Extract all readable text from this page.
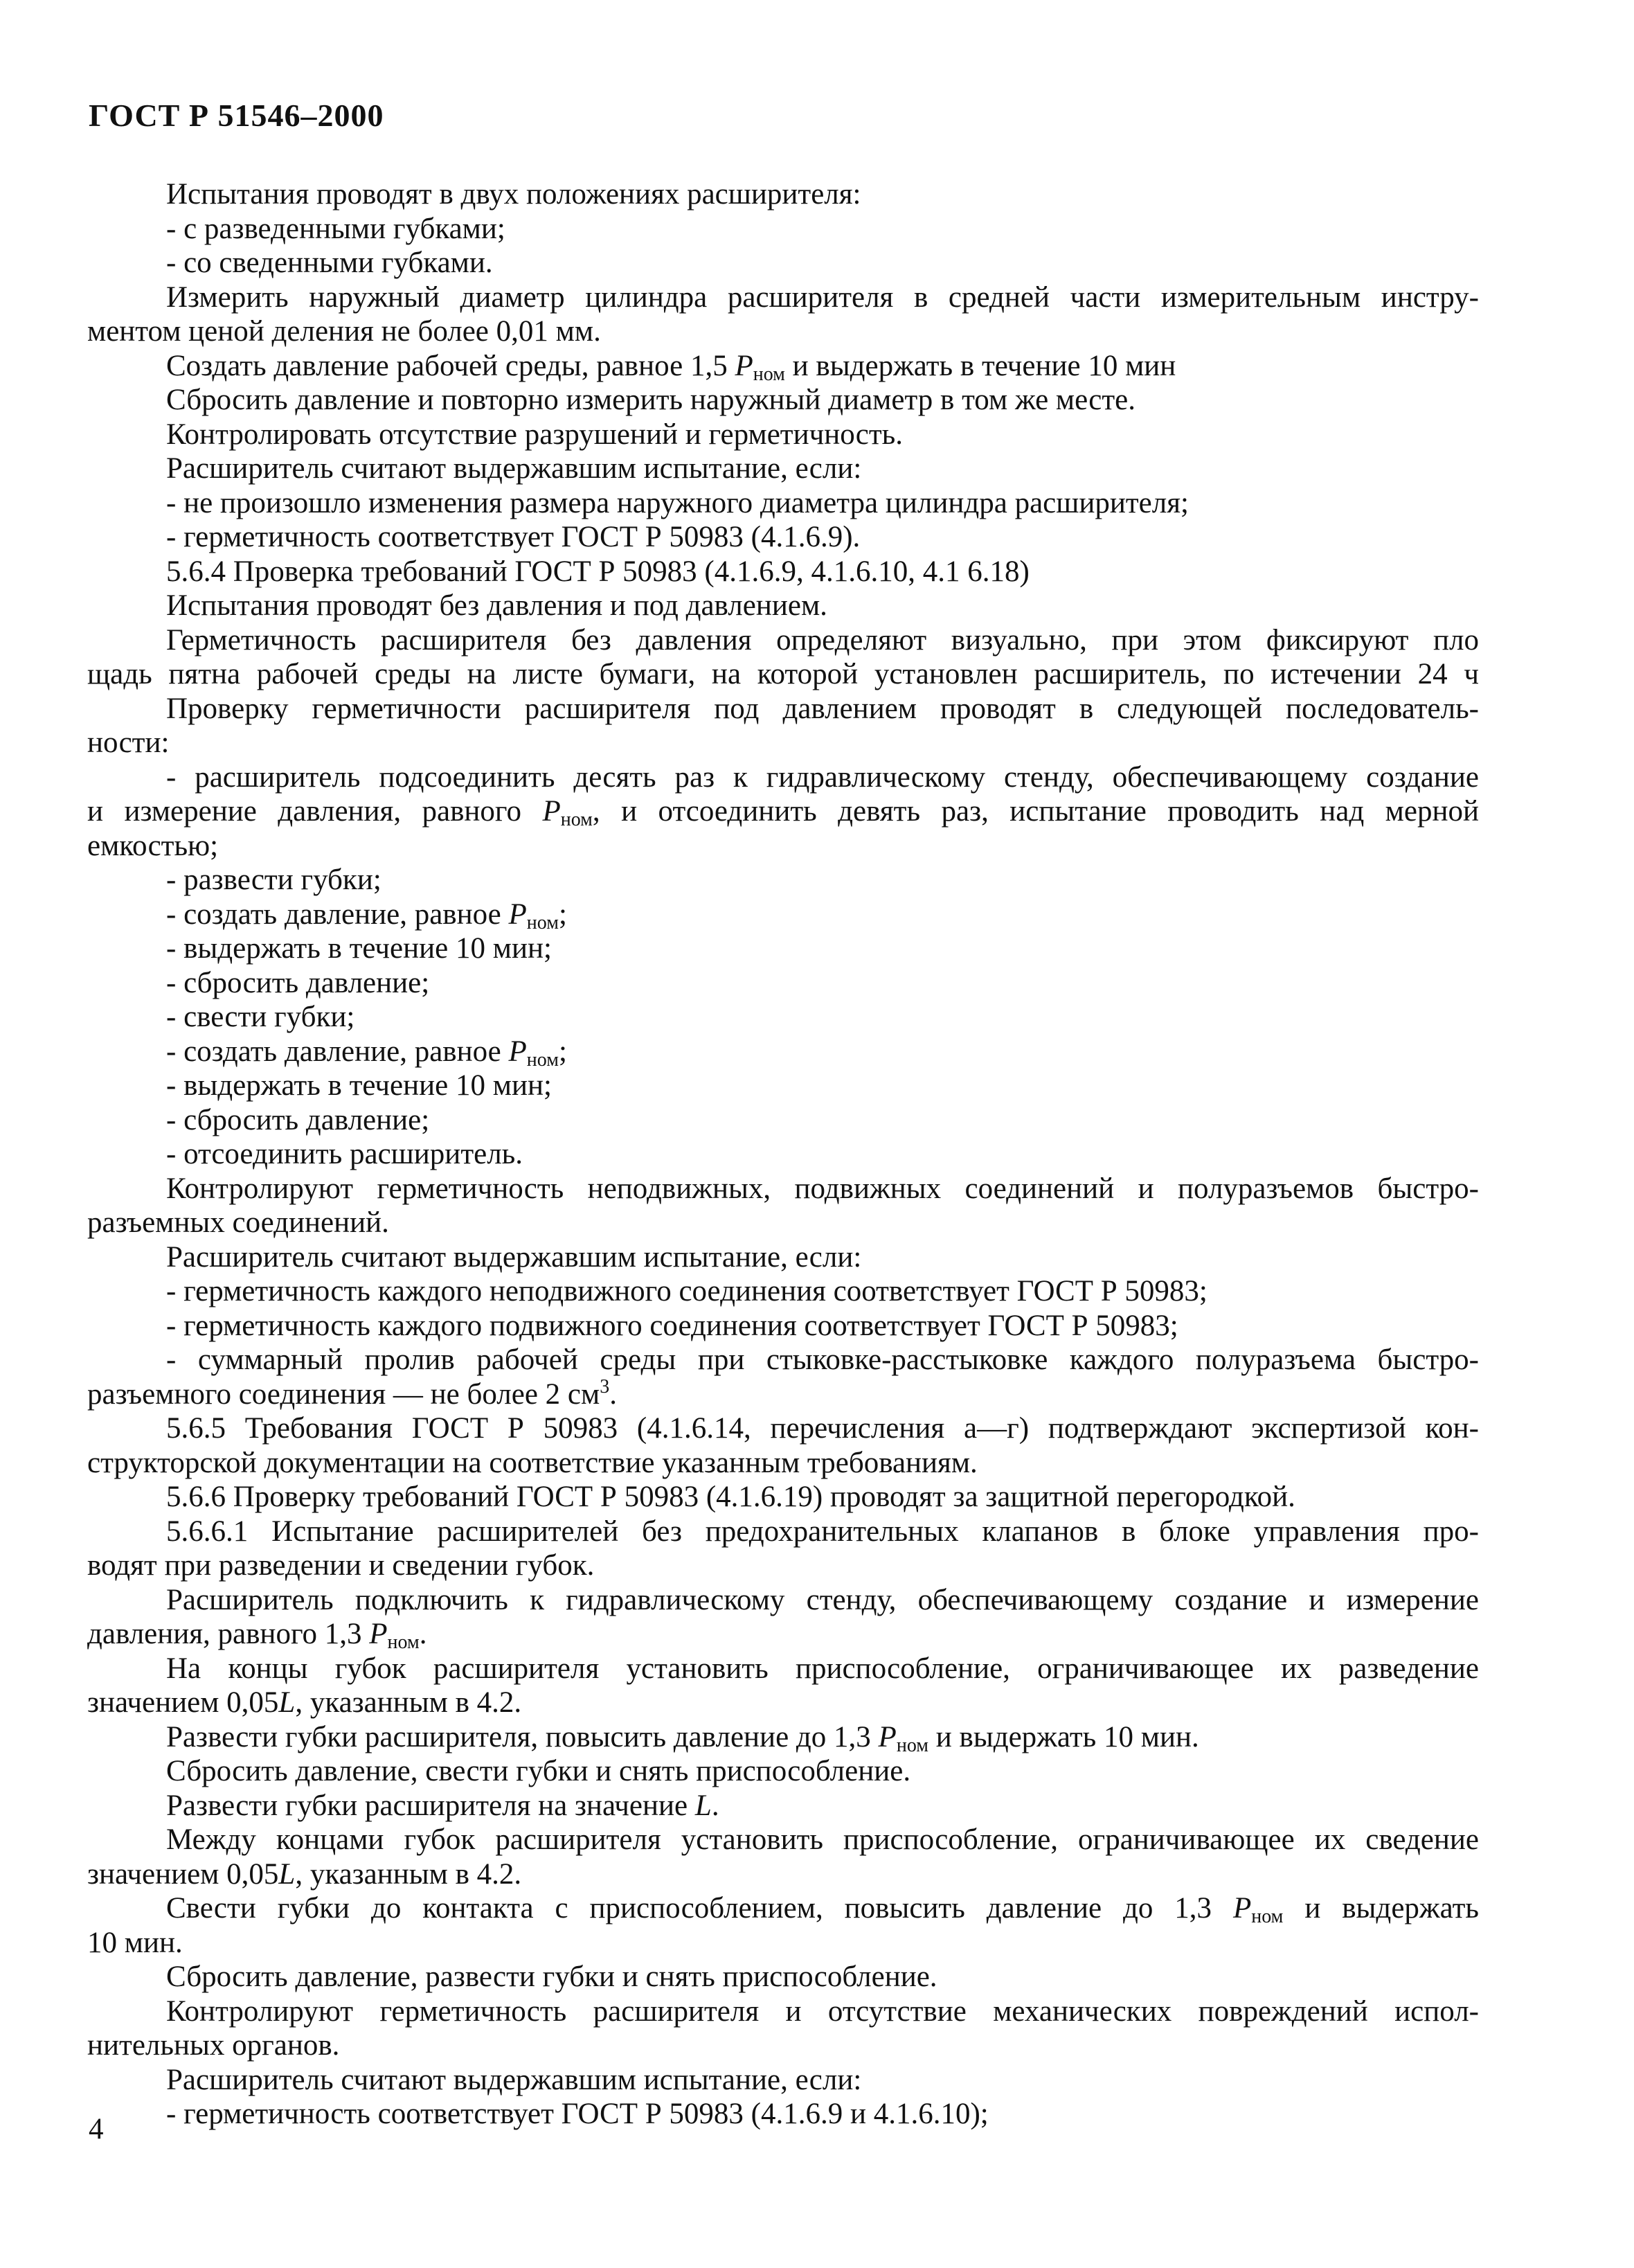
ГОСТ Р 51546–2000
Испытания проводят в двух положениях расширителя:
- с разведенными губками;
- со сведенными губками.
Измерить наружный диаметр цилиндра расширителя в средней части измерительным инстру-
ментом ценой деления не более 0,01 мм.
Создать давление рабочей среды, равное 1,5 $P_{ном}$ и выдержать в течение 10 мин
Сбросить давление и повторно измерить наружный диаметр в том же месте.
Контролировать отсутствие разрушений и герметичность.
Расширитель считают выдержавшим испытание, если:
- не произошло изменения размера наружного диаметра цилиндра расширителя;
- герметичность соответствует ГОСТ Р 50983 (4.1.6.9).
5.6.4 Проверка требований ГОСТ Р 50983 (4.1.6.9, 4.1.6.10, 4.1 6.18)
Испытания проводят без давления и под давлением.
Герметичность расширителя без давления определяют визуально, при этом фиксируют пло
щадь пятна рабочей среды на листе бумаги, на которой установлен расширитель, по истечении 24 ч
Проверку герметичности расширителя под давлением проводят в следующей последователь-
ности:
- расширитель подсоединить десять раз к гидравлическому стенду, обеспечивающему создание
и измерение давления, равного $P_{ном}$, и отсоединить девять раз, испытание проводить над мерной
емкостью;
- развести губки;
- создать давление, равное $P_{ном}$;
- выдержать в течение 10 мин;
- сбросить давление;
- свести губки;
- создать давление, равное $P_{ном}$;
- выдержать в течение 10 мин;
- сбросить давление;
- отсоединить расширитель.
Контролируют герметичность неподвижных, подвижных соединений и полуразъемов быстро-
разъемных соединений.
Расширитель считают выдержавшим испытание, если:
- герметичность каждого неподвижного соединения соответствует ГОСТ Р 50983;
- герметичность каждого подвижного соединения соответствует ГОСТ Р 50983;
- суммарный пролив рабочей среды при стыковке-расстыковке каждого полуразъема быстро-
разъемного соединения — не более 2 $см^3$.
5.6.5 Требования ГОСТ Р 50983 (4.1.6.14, перечисления а—г) подтверждают экспертизой кон-
структорской документации на соответствие указанным требованиям.
5.6.6 Проверку требований ГОСТ Р 50983 (4.1.6.19) проводят за защитной перегородкой.
5.6.6.1 Испытание расширителей без предохранительных клапанов в блоке управления про-
водят при разведении и сведении губок.
Расширитель подключить к гидравлическому стенду, обеспечивающему создание и измерение
давления, равного 1,3 $P_{ном}$.
На концы губок расширителя установить приспособление, ограничивающее их разведение
значением 0,05L, указанным в 4.2.
Развести губки расширителя, повысить давление до 1,3 $P_{ном}$ и выдержать 10 мин.
Сбросить давление, свести губки и снять приспособление.
Развести губки расширителя на значение L.
Между концами губок расширителя установить приспособление, ограничивающее их сведение
значением 0,05L, указанным в 4.2.
Свести губки до контакта с приспособлением, повысить давление до 1,3 $P_{ном}$ и выдержать
10 мин.
Сбросить давление, развести губки и снять приспособление.
Контролируют герметичность расширителя и отсутствие механических повреждений испол-
нительных органов.
Расширитель считают выдержавшим испытание, если:
- герметичность соответствует ГОСТ Р 50983 (4.1.6.9 и 4.1.6.10);
4
